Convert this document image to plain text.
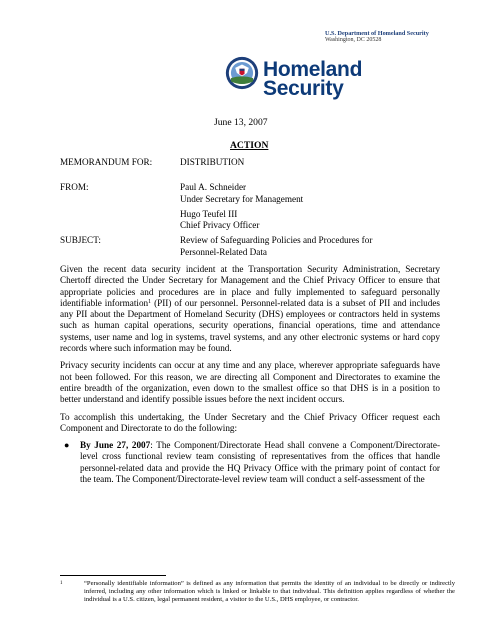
U.S. Department of Homeland Security
Washington, DC 20528
Homeland
Security
June 13, 2007
ACTION
MEMORANDUM FOR:	DISTRIBUTION
FROM:	Paul A. Schneider
Under Secretary for Management
Hugo Teufel III
Chief Privacy Officer
SUBJECT:	Review of Safeguarding Policies and Procedures for
Personnel-Related Data

Given the recent data security incident at the Transportation Security Administration, Secretary Chertoff directed the Under Secretary for Management and the Chief Privacy Officer to ensure that appropriate policies and procedures are in place and fully implemented to safeguard personally identifiable information$^1$ (PII) of our personnel. Personnel-related data is a subset of PII and includes any PII about the Department of Homeland Security (DHS) employees or contractors held in systems such as human capital operations, security operations, financial operations, time and attendance systems, user name and log in systems, travel systems, and any other electronic systems or hard copy records where such information may be found.

Privacy security incidents can occur at any time and any place, wherever appropriate safeguards have not been followed. For this reason, we are directing all Component and Directorates to examine the entire breadth of the organization, even down to the smallest office so that DHS is in a position to better understand and identify possible issues before the next incident occurs.

To accomplish this undertaking, the Under Secretary and the Chief Privacy Officer request each Component and Directorate to do the following:

● By June 27, 2007: The Component/Directorate Head shall convene a Component/Directorate-level cross functional review team consisting of representatives from the offices that handle personnel-related data and provide the HQ Privacy Office with the primary point of contact for the team. The Component/Directorate-level review team will conduct a self-assessment of the
1	“Personally identifiable information” is defined as any information that permits the identity of an individual to be directly or indirectly inferred, including any other information which is linked or linkable to that individual. This definition applies regardless of whether the individual is a U.S. citizen, legal permanent resident, a visitor to the U.S., DHS employee, or contractor.
